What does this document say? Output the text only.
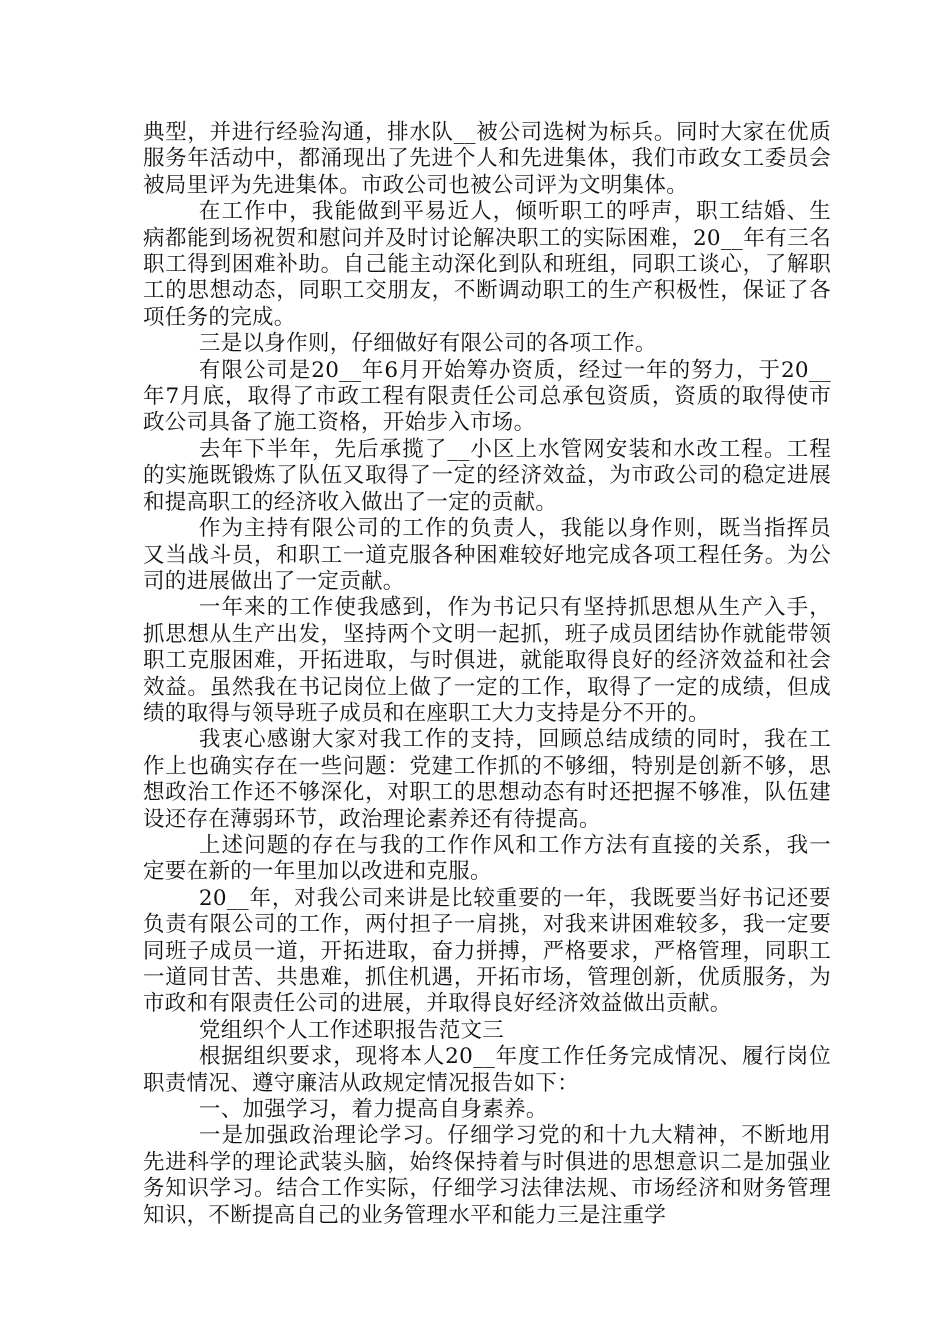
典型，并进行经验沟通，排水队__被公司选树为标兵。同时大家在优质服务年活动中，都涌现出了先进个人和先进集体，我们市政女工委员会被局里评为先进集体。市政公司也被公司评为文明集体。

在工作中，我能做到平易近人，倾听职工的呼声，职工结婚、生病都能到场祝贺和慰问并及时讨论解决职工的实际困难，20__年有三名职工得到困难补助。自己能主动深化到队和班组，同职工谈心，了解职工的思想动态，同职工交朋友，不断调动职工的生产积极性，保证了各项任务的完成。

三是以身作则，仔细做好有限公司的各项工作。

有限公司是20__年6月开始筹办资质，经过一年的努力，于20__年7月底，取得了市政工程有限责任公司总承包资质，资质的取得使市政公司具备了施工资格，开始步入市场。

去年下半年，先后承揽了__小区上水管网安装和水改工程。工程的实施既锻炼了队伍又取得了一定的经济效益，为市政公司的稳定进展和提高职工的经济收入做出了一定的贡献。

作为主持有限公司的工作的负责人，我能以身作则，既当指挥员又当战斗员，和职工一道克服各种困难较好地完成各项工程任务。为公司的进展做出了一定贡献。

一年来的工作使我感到，作为书记只有坚持抓思想从生产入手，抓思想从生产出发，坚持两个文明一起抓，班子成员团结协作就能带领职工克服困难，开拓进取，与时俱进，就能取得良好的经济效益和社会效益。虽然我在书记岗位上做了一定的工作，取得了一定的成绩，但成绩的取得与领导班子成员和在座职工大力支持是分不开的。

我衷心感谢大家对我工作的支持，回顾总结成绩的同时，我在工作上也确实存在一些问题：党建工作抓的不够细，特别是创新不够，思想政治工作还不够深化，对职工的思想动态有时还把握不够准，队伍建设还存在薄弱环节，政治理论素养还有待提高。

上述问题的存在与我的工作作风和工作方法有直接的关系，我一定要在新的一年里加以改进和克服。

20__年，对我公司来讲是比较重要的一年，我既要当好书记还要负责有限公司的工作，两付担子一肩挑，对我来讲困难较多，我一定要同班子成员一道，开拓进取，奋力拼搏，严格要求，严格管理，同职工一道同甘苦、共患难，抓住机遇，开拓市场，管理创新，优质服务，为市政和有限责任公司的进展，并取得良好经济效益做出贡献。

党组织个人工作述职报告范文三

根据组织要求，现将本人20__年度工作任务完成情况、履行岗位职责情况、遵守廉洁从政规定情况报告如下：

一、加强学习，着力提高自身素养。

一是加强政治理论学习。仔细学习党的和十九大精神，不断地用先进科学的理论武装头脑，始终保持着与时俱进的思想意识二是加强业务知识学习。结合工作实际，仔细学习法律法规、市场经济和财务管理知识，不断提高自己的业务管理水平和能力三是注重学
